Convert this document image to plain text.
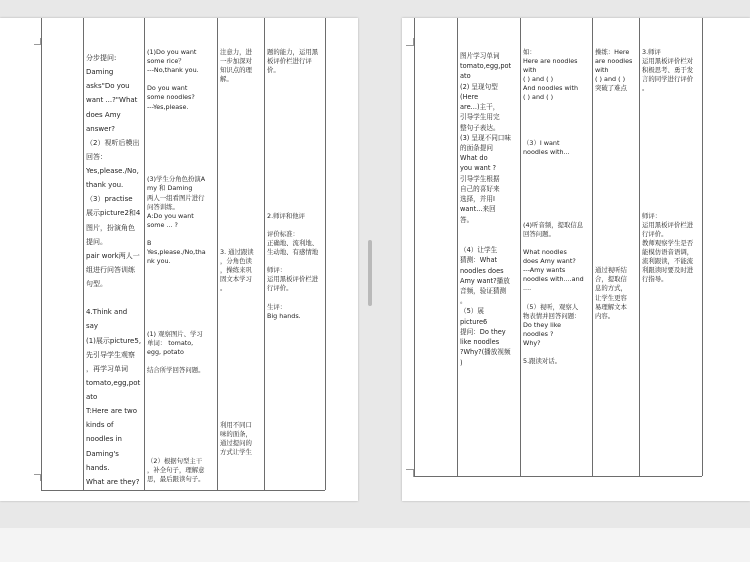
分步提问:
Daming
asks"Do you
want ...?"What
does Amy
answer?
（2）视听后模出
回答：
Yes,please./No,
thank you.
（3）practise
展示picture2和4
图片，扮演角色
提问。
pair work两人一
组进行问答训练
句型。

4.Think and
say
(1)展示picture5,
先引导学生观察
，再学习单词
tomato,egg,pot
ato
T:Here are two
kinds of
noodles in
Daming's
hands.
What are they?
(1)Do you want
some rice？
---No,thank you.

Do you want
some noodles?
---Yes,please.

(3)学生分角色扮演A
my 和 Daming
两人一组看图片进行
问答训练。
A:Do you want
some ... ?

B
Yes,please./No,tha
nk you.

(1) 观察图片、学习
单词： tomato,
egg, potato

结合所学回答问题。

（2）根据句型主干
，补全句子，理解意
思，最后跟读句子。
注意力，进
一步加深对
知识点的理
解。

3. 通过跟读
，分角色读
，操练来巩
固文本学习
。

利用不同口
味的面条，
通过提问的
方式让学生
题的能力，运用黑
板评价栏进行评
价。

2.师评和他评

评价标准：
正确地、流利地、
生动地、有感情地

师评：
运用黑板评价栏进
行评价。

生评：
Big hands.
图片学习单词
tomato,egg,pot
ato
(2) 呈现句型
(Here
are...)主干，
引导学生用完
整句子表达。
(3) 呈现不同口味
的面条提问
What do
you want ?
引导学生根据
自己的喜好来
选择，并用I
want...来回
答。

（4）让学生
猜测：What
noodles does
Amy want?播放
音频，验证猜测
。
（5）展
picture6
提问：Do they
like noodles
?Why?(播放视频
)
如：
Here are noodles
with
( ) and ( )
And noodles with
( ) and ( )

（3）I want
noodles with...

(4)听音频，提取信息
回答问题。

What noodles
does Amy want?
---Amy wants
noodles with....and
....

（5）视听，观察人
物表情并回答问题：
Do they like
noodles ?
Why?

5.跟读对话。
操练：Here
are noodles
with
( ) and ( )
突破了难点

通过视听结
合，提取信
息的方式，
让学生更容
易理解文本
内容。
3.师评
运用黑板评价栏对
积极思考、勇于发
言的同学进行评价
。

师评：
运用黑板评价栏进
行评价。
教师观察学生是否
能模仿语音语调，
流利跟读，不能流
利跟读时要及时进
行指导。
